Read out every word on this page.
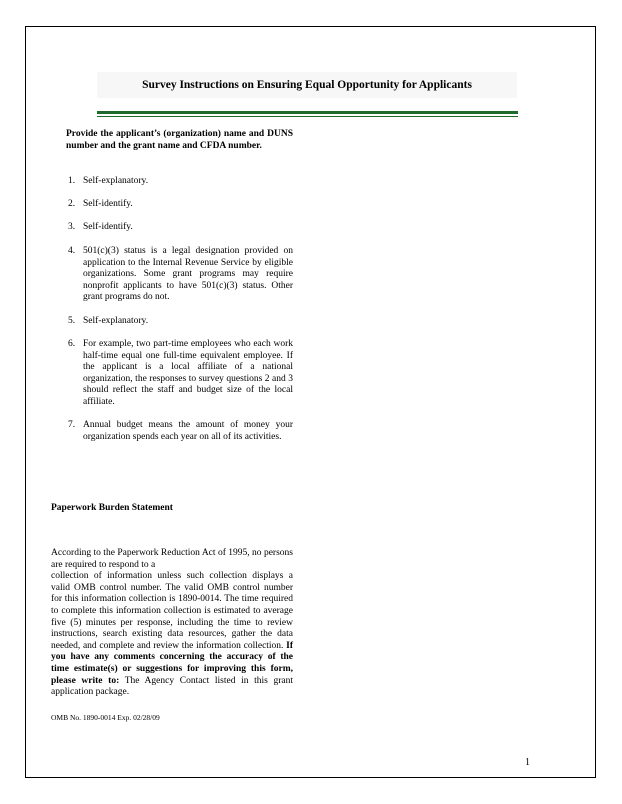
Survey Instructions on Ensuring Equal Opportunity for Applicants
Provide the applicant’s (organization) name and DUNS number and the grant name and CFDA number.
1. Self-explanatory.
2. Self-identify.
3. Self-identify.
4. 501(c)(3) status is a legal designation provided on application to the Internal Revenue Service by eligible organizations. Some grant programs may require nonprofit applicants to have 501(c)(3) status. Other grant programs do not.
5. Self-explanatory.
6. For example, two part-time employees who each work half-time equal one full-time equivalent employee. If the applicant is a local affiliate of a national organization, the responses to survey questions 2 and 3 should reflect the staff and budget size of the local affiliate.
7. Annual budget means the amount of money your organization spends each year on all of its activities.
Paperwork Burden Statement
According to the Paperwork Reduction Act of 1995, no persons are required to respond to a
collection of information unless such collection displays a valid OMB control number. The valid OMB control number for this information collection is 1890-0014. The time required to complete this information collection is estimated to average five (5) minutes per response, including the time to review instructions, search existing data resources, gather the data needed, and complete and review the information collection. If you have any comments concerning the accuracy of the time estimate(s) or suggestions for improving this form, please write to: The Agency Contact listed in this grant application package.
OMB No. 1890-0014 Exp. 02/28/09
1
